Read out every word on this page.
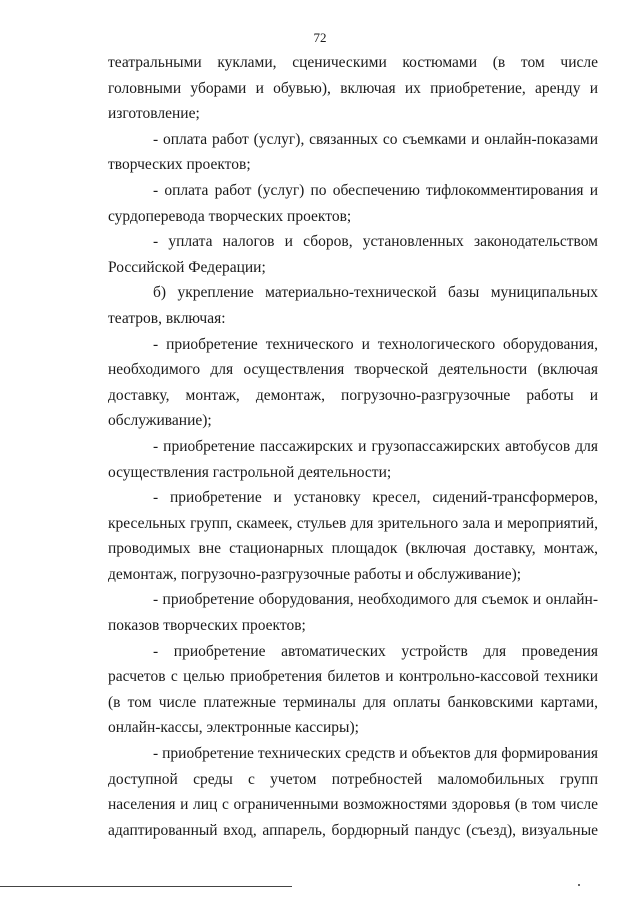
72

театральными куклами, сценическими костюмами (в том числе головными уборами и обувью), включая их приобретение, аренду и изготовление;

- оплата работ (услуг), связанных со съемками и онлайн-показами творческих проектов;

- оплата работ (услуг) по обеспечению тифлокомментирования и сурдоперевода творческих проектов;

- уплата налогов и сборов, установленных законодательством Российской Федерации;

б) укрепление материально-технической базы муниципальных театров, включая:

- приобретение технического и технологического оборудования, необходимого для осуществления творческой деятельности (включая доставку, монтаж, демонтаж, погрузочно-разгрузочные работы и обслуживание);

- приобретение пассажирских и грузопассажирских автобусов для осуществления гастрольной деятельности;

- приобретение и установку кресел, сидений-трансформеров, кресельных групп, скамеек, стульев для зрительного зала и мероприятий, проводимых вне стационарных площадок (включая доставку, монтаж, демонтаж, погрузочно-разгрузочные работы и обслуживание);

- приобретение оборудования, необходимого для съемок и онлайн-показов творческих проектов;

- приобретение автоматических устройств для проведения расчетов с целью приобретения билетов и контрольно-кассовой техники (в том числе платежные терминалы для оплаты банковскими картами, онлайн-кассы, электронные кассиры);

- приобретение технических средств и объектов для формирования доступной среды с учетом потребностей маломобильных групп населения и лиц с ограниченными возможностями здоровья (в том числе адаптированный вход, аппарель, бордюрный пандус (съезд), визуальные
